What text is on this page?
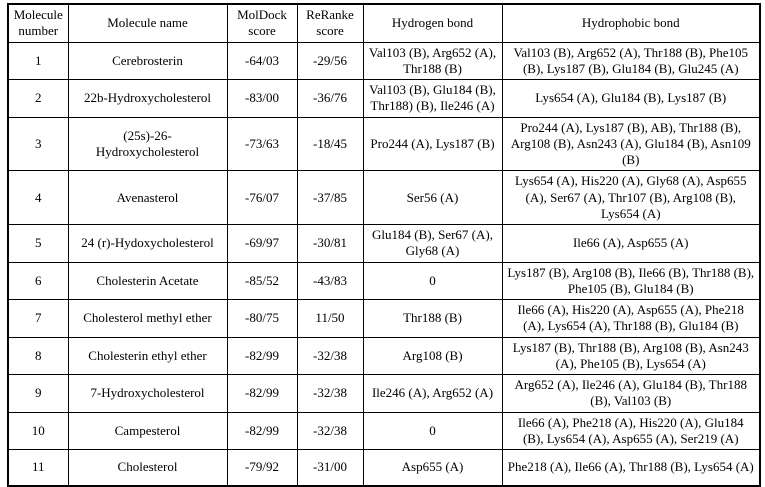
Molecule number	Molecule name	MolDock score	ReRanke score	Hydrogen bond	Hydrophobic bond
1	Cerebrosterin	-64/03	-29/56	Val103 (B), Arg652 (A), Thr188 (B)	Val103 (B), Arg652 (A), Thr188 (B), Phe105 (B), Lys187 (B), Glu184 (B), Glu245 (A)
2	22b-Hydroxycholesterol	-83/00	-36/76	Val103 (B), Glu184 (B), Thr188) (B), Ile246 (A)	Lys654 (A), Glu184 (B), Lys187 (B)
3	(25s)-26-Hydroxycholesterol	-73/63	-18/45	Pro244 (A), Lys187 (B)	Pro244 (A), Lys187 (B), AB), Thr188 (B), Arg108 (B), Asn243 (A), Glu184 (B), Asn109 (B)
4	Avenasterol	-76/07	-37/85	Ser56 (A)	Lys654 (A), His220 (A), Gly68 (A), Asp655 (A), Ser67 (A), Thr107 (B), Arg108 (B), Lys654 (A)
5	24 (r)-Hydoxycholesterol	-69/97	-30/81	Glu184 (B), Ser67 (A), Gly68 (A)	Ile66 (A), Asp655 (A)
6	Cholesterin Acetate	-85/52	-43/83	0	Lys187 (B), Arg108 (B), Ile66 (B), Thr188 (B), Phe105 (B), Glu184 (B)
7	Cholesterol methyl ether	-80/75	11/50	Thr188 (B)	Ile66 (A), His220 (A), Asp655 (A), Phe218 (A), Lys654 (A), Thr188 (B), Glu184 (B)
8	Cholesterin ethyl ether	-82/99	-32/38	Arg108 (B)	Lys187 (B), Thr188 (B), Arg108 (B), Asn243 (A), Phe105 (B), Lys654 (A)
9	7-Hydroxycholesterol	-82/99	-32/38	Ile246 (A), Arg652 (A)	Arg652 (A), Ile246 (A), Glu184 (B), Thr188 (B), Val103 (B)
10	Campesterol	-82/99	-32/38	0	Ile66 (A), Phe218 (A), His220 (A), Glu184 (B), Lys654 (A), Asp655 (A), Ser219 (A)
11	Cholesterol	-79/92	-31/00	Asp655 (A)	Phe218 (A), Ile66 (A), Thr188 (B), Lys654 (A)
